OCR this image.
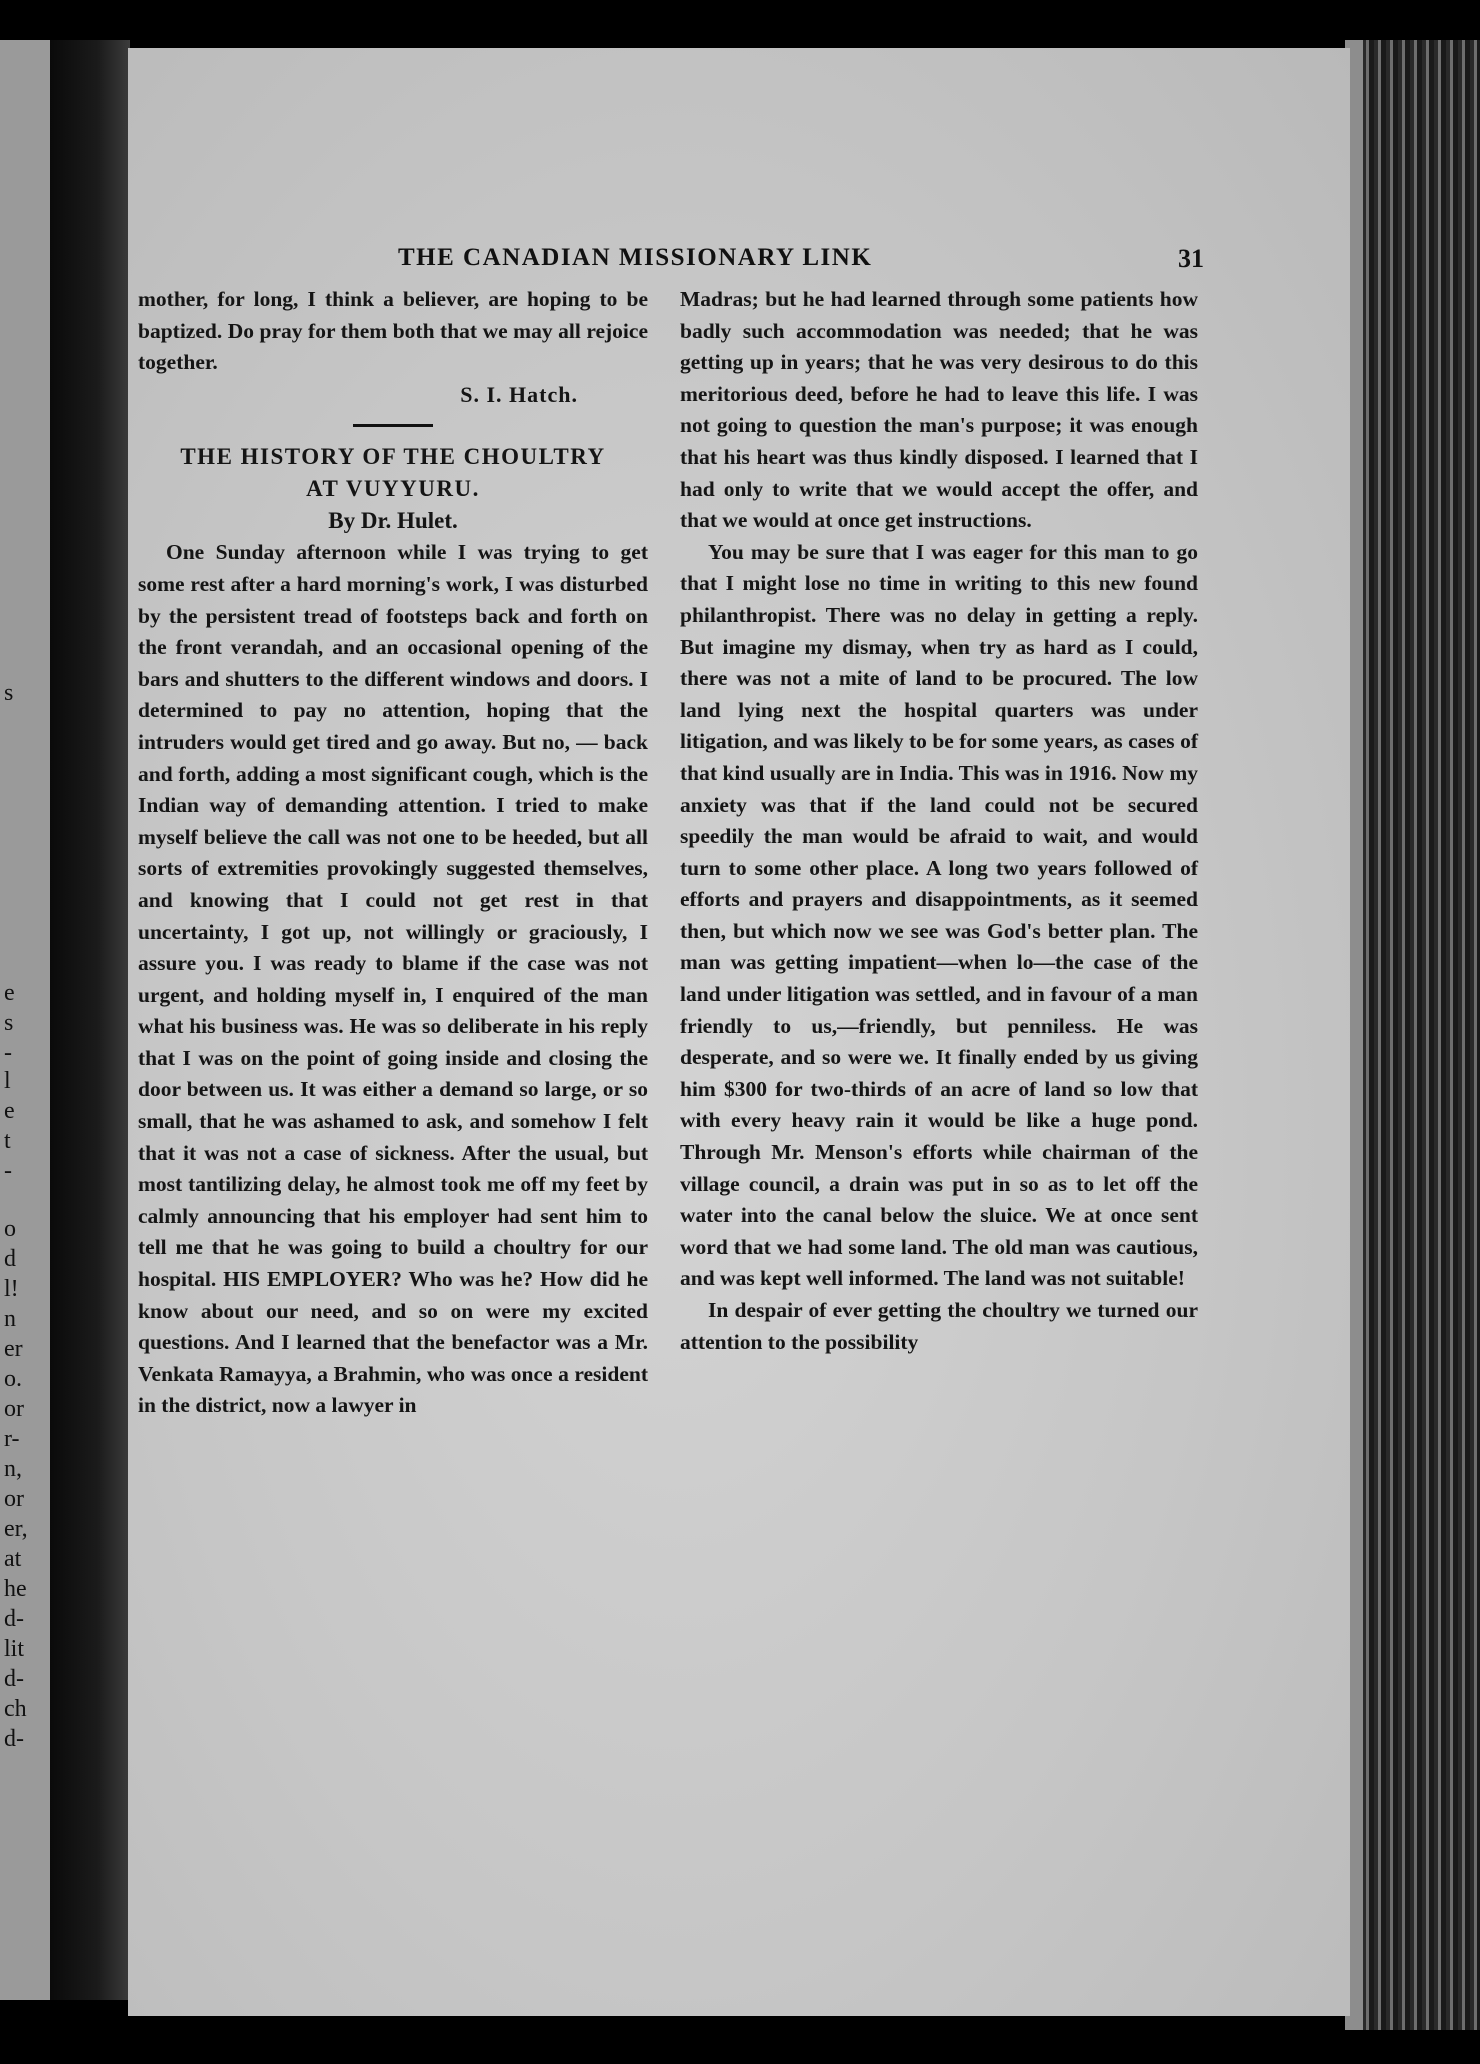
s
e
s
-
l
e
t
-
o
d
l!
n
er
o.
or
r-
n,
or
er,
at
he
d-
lit
d-
ch
d-
THE CANADIAN MISSIONARY LINK	31

mother, for long, I think a believer, are hoping to be baptized. Do pray for them both that we may all rejoice together.

S. I. Hatch.

THE HISTORY OF THE CHOULTRY

AT VUYYURU.

By Dr. Hulet.

One Sunday afternoon while I was trying to get some rest after a hard morning's work, I was disturbed by the persistent tread of footsteps back and forth on the front verandah, and an occasional opening of the bars and shutters to the different windows and doors. I determined to pay no attention, hoping that the intruders would get tired and go away. But no, — back and forth, adding a most significant cough, which is the Indian way of demanding attention. I tried to make myself believe the call was not one to be heeded, but all sorts of extremities provokingly suggested themselves, and knowing that I could not get rest in that uncertainty, I got up, not willingly or graciously, I assure you. I was ready to blame if the case was not urgent, and holding myself in, I enquired of the man what his business was. He was so deliberate in his reply that I was on the point of going inside and closing the door between us. It was either a demand so large, or so small, that he was ashamed to ask, and somehow I felt that it was not a case of sickness. After the usual, but most tantilizing delay, he almost took me off my feet by calmly announcing that his employer had sent him to tell me that he was going to build a choultry for our hospital. HIS EMPLOYER? Who was he? How did he know about our need, and so on were my excited questions. And I learned that the benefactor was a Mr. Venkata Ramayya, a Brahmin, who was once a resident in the district, now a lawyer in

Madras; but he had learned through some patients how badly such accommodation was needed; that he was getting up in years; that he was very desirous to do this meritorious deed, before he had to leave this life. I was not going to question the man's purpose; it was enough that his heart was thus kindly disposed. I learned that I had only to write that we would accept the offer, and that we would at once get instructions.

You may be sure that I was eager for this man to go that I might lose no time in writing to this new found philanthropist. There was no delay in getting a reply. But imagine my dismay, when try as hard as I could, there was not a mite of land to be procured. The low land lying next the hospital quarters was under litigation, and was likely to be for some years, as cases of that kind usually are in India. This was in 1916. Now my anxiety was that if the land could not be secured speedily the man would be afraid to wait, and would turn to some other place. A long two years followed of efforts and prayers and disappointments, as it seemed then, but which now we see was God's better plan. The man was getting impatient—when lo—the case of the land under litigation was settled, and in favour of a man friendly to us,—friendly, but penniless. He was desperate, and so were we. It finally ended by us giving him $300 for two-thirds of an acre of land so low that with every heavy rain it would be like a huge pond. Through Mr. Menson's efforts while chairman of the village council, a drain was put in so as to let off the water into the canal below the sluice. We at once sent word that we had some land. The old man was cautious, and was kept well informed. The land was not suitable!

In despair of ever getting the choultry we turned our attention to the possibility
